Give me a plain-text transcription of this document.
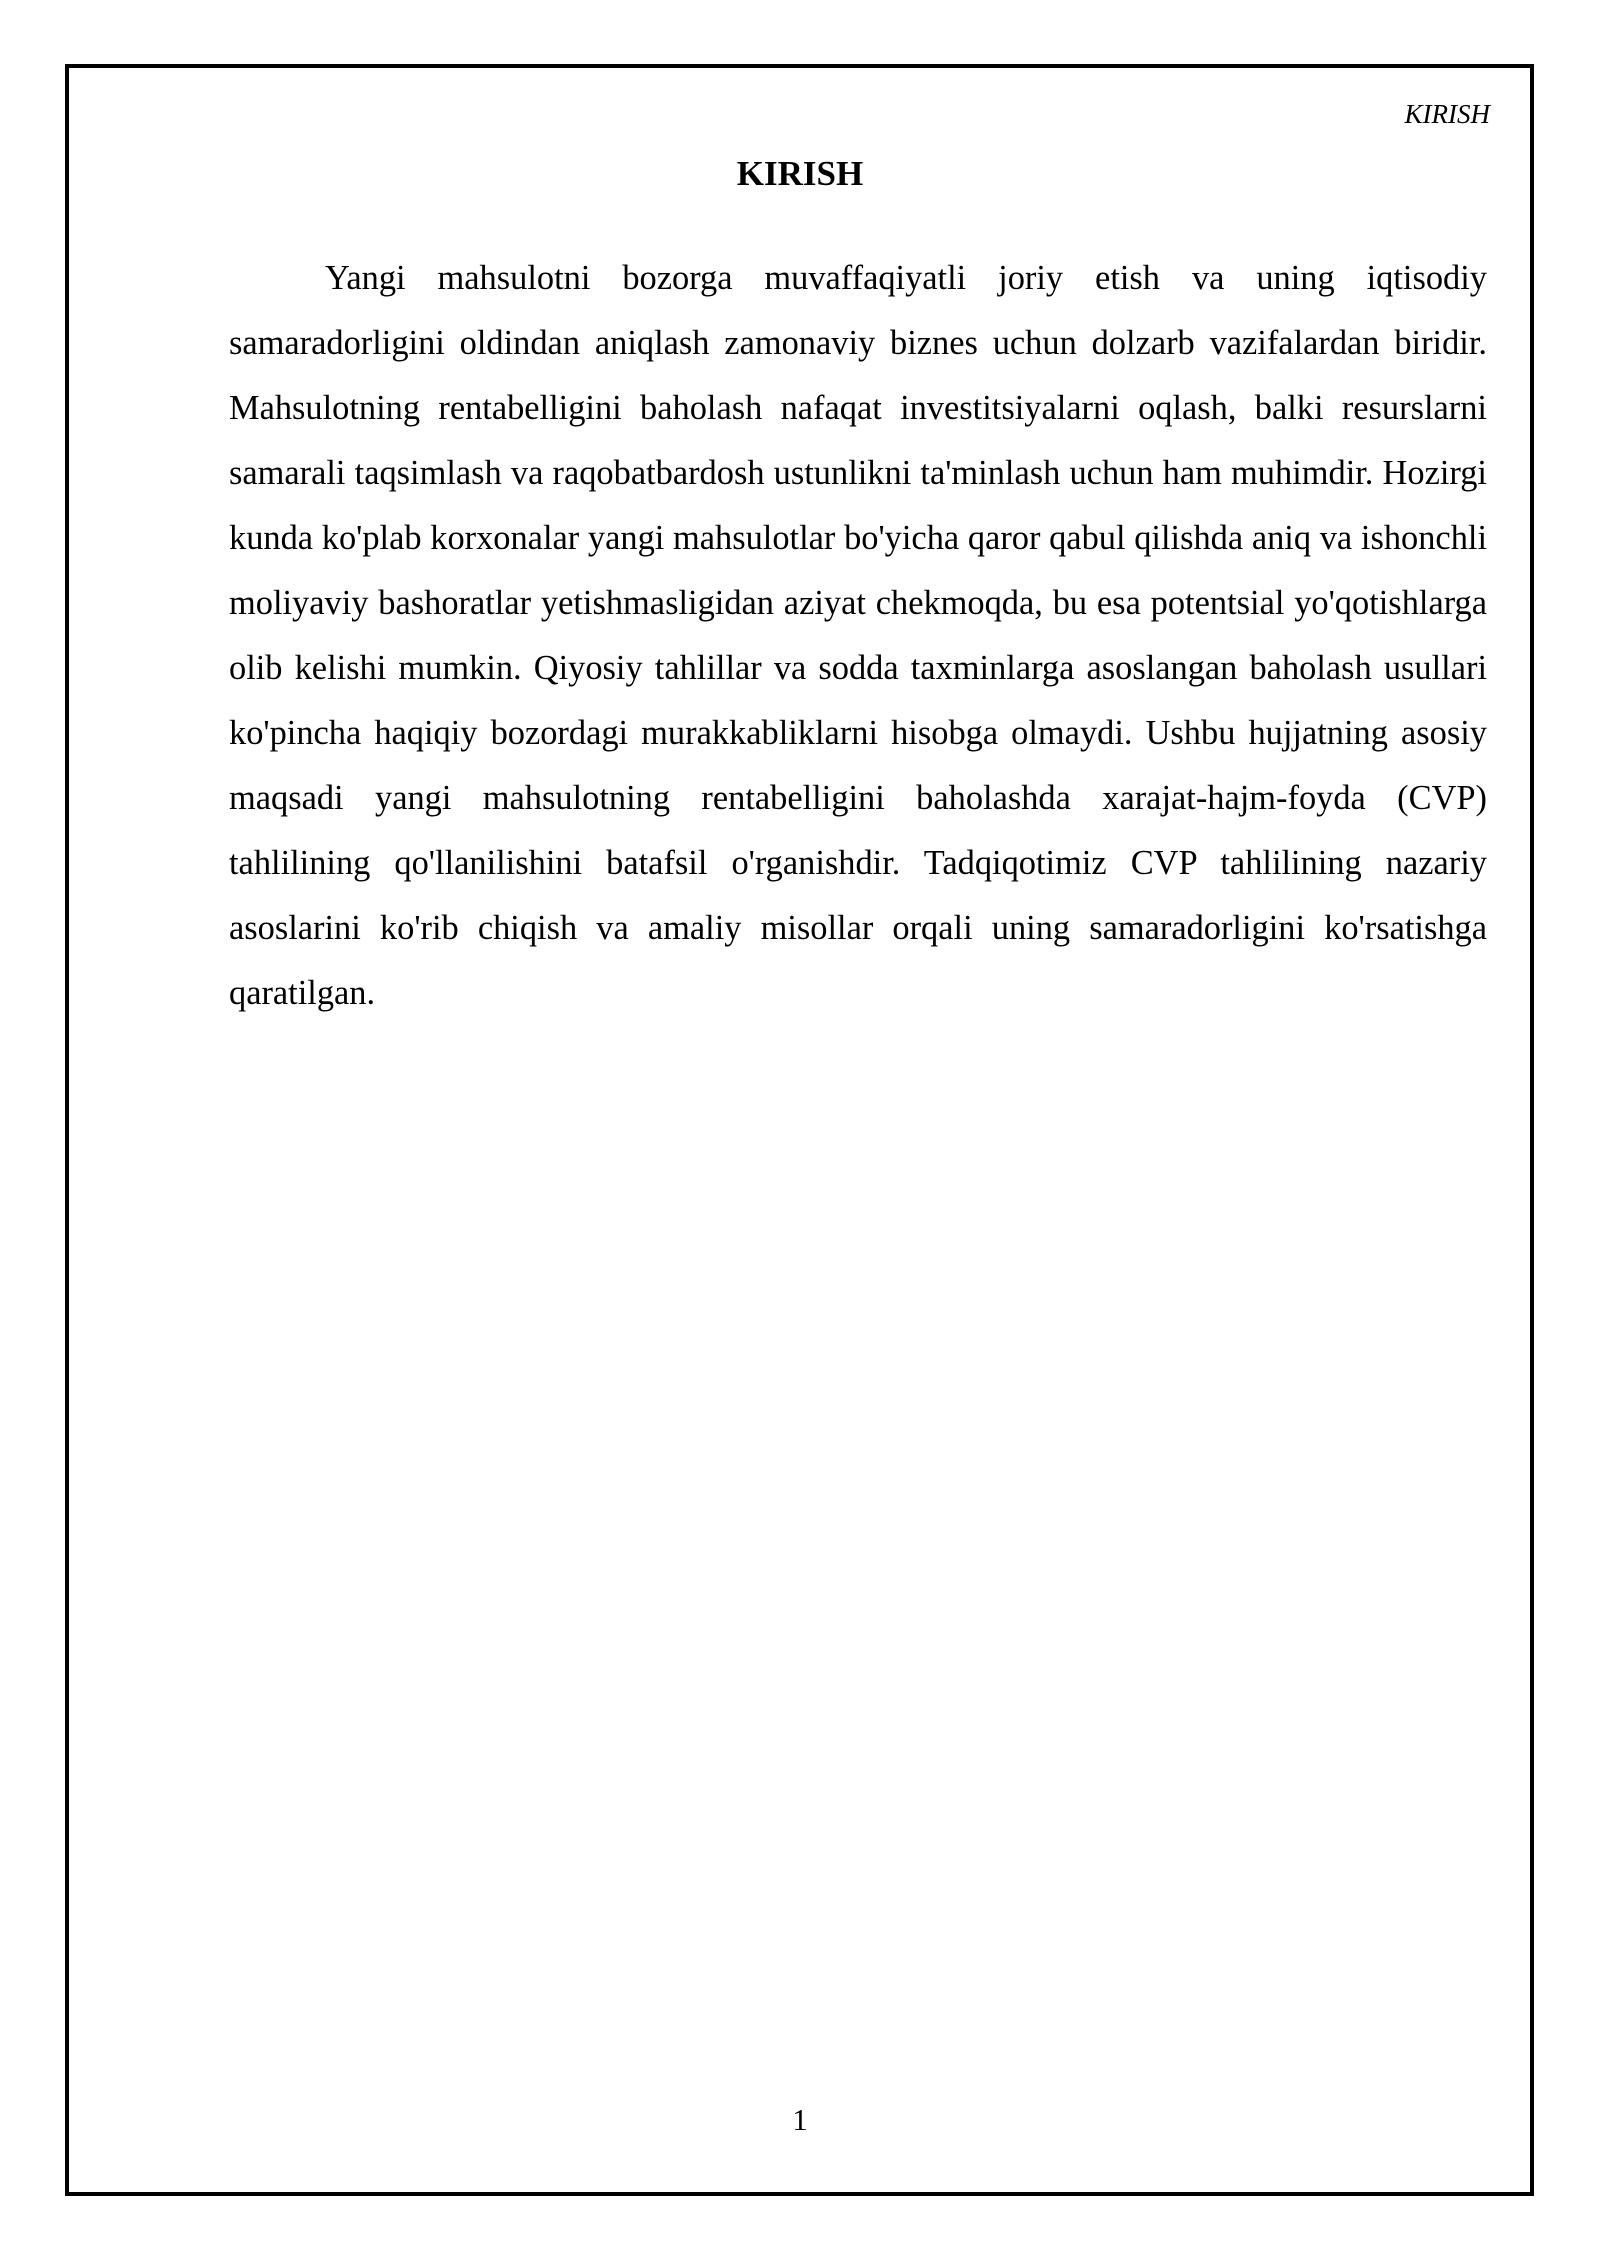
KIRISH
KIRISH

Yangi mahsulotni bozorga muvaffaqiyatli joriy etish va uning iqtisodiy samaradorligini oldindan aniqlash zamonaviy biznes uchun dolzarb vazifalardan biridir. Mahsulotning rentabelligini baholash nafaqat investitsiyalarni oqlash, balki resurslarni samarali taqsimlash va raqobatbardosh ustunlikni ta'minlash uchun ham muhimdir. Hozirgi kunda ko'plab korxonalar yangi mahsulotlar bo'yicha qaror qabul qilishda aniq va ishonchli moliyaviy bashoratlar yetishmasligidan aziyat chekmoqda, bu esa potentsial yo'qotishlarga olib kelishi mumkin. Qiyosiy tahlillar va sodda taxminlarga asoslangan baholash usullari ko'pincha haqiqiy bozordagi murakkabliklarni hisobga olmaydi. Ushbu hujjatning asosiy maqsadi yangi mahsulotning rentabelligini baholashda xarajat-hajm-foyda (CVP) tahlilining qo'llanilishini batafsil o'rganishdir. Tadqiqotimiz CVP tahlilining nazariy asoslarini ko'rib chiqish va amaliy misollar orqali uning samaradorligini ko'rsatishga qaratilgan.

1
